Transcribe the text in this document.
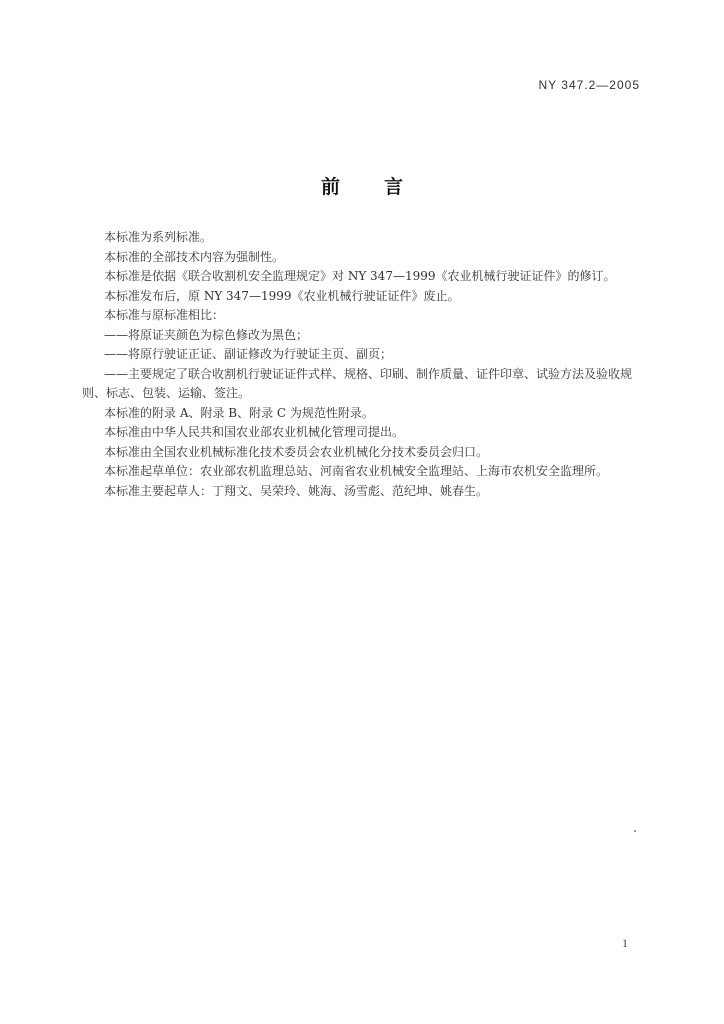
NY 347.2—2005
前 言

本标准为系列标准。

本标准的全部技术内容为强制性。

本标准是依据《联合收割机安全监理规定》对 NY 347—1999《农业机械行驶证证件》的修订。

本标准发布后，原 NY 347—1999《农业机械行驶证证件》废止。

本标准与原标准相比：

——将原证夹颜色为棕色修改为黑色；

——将原行驶证正证、副证修改为行驶证主页、副页；

——主要规定了联合收割机行驶证证件式样、规格、印刷、制作质量、证件印章、试验方法及验收规

则、标志、包装、运输、签注。

本标准的附录 A、附录 B、附录 C 为规范性附录。

本标准由中华人民共和国农业部农业机械化管理司提出。

本标准由全国农业机械标准化技术委员会农业机械化分技术委员会归口。

本标准起草单位：农业部农机监理总站、河南省农业机械安全监理站、上海市农机安全监理所。

本标准主要起草人：丁翔文、吴荣玲、姚海、汤雪彪、范纪坤、姚春生。

1
